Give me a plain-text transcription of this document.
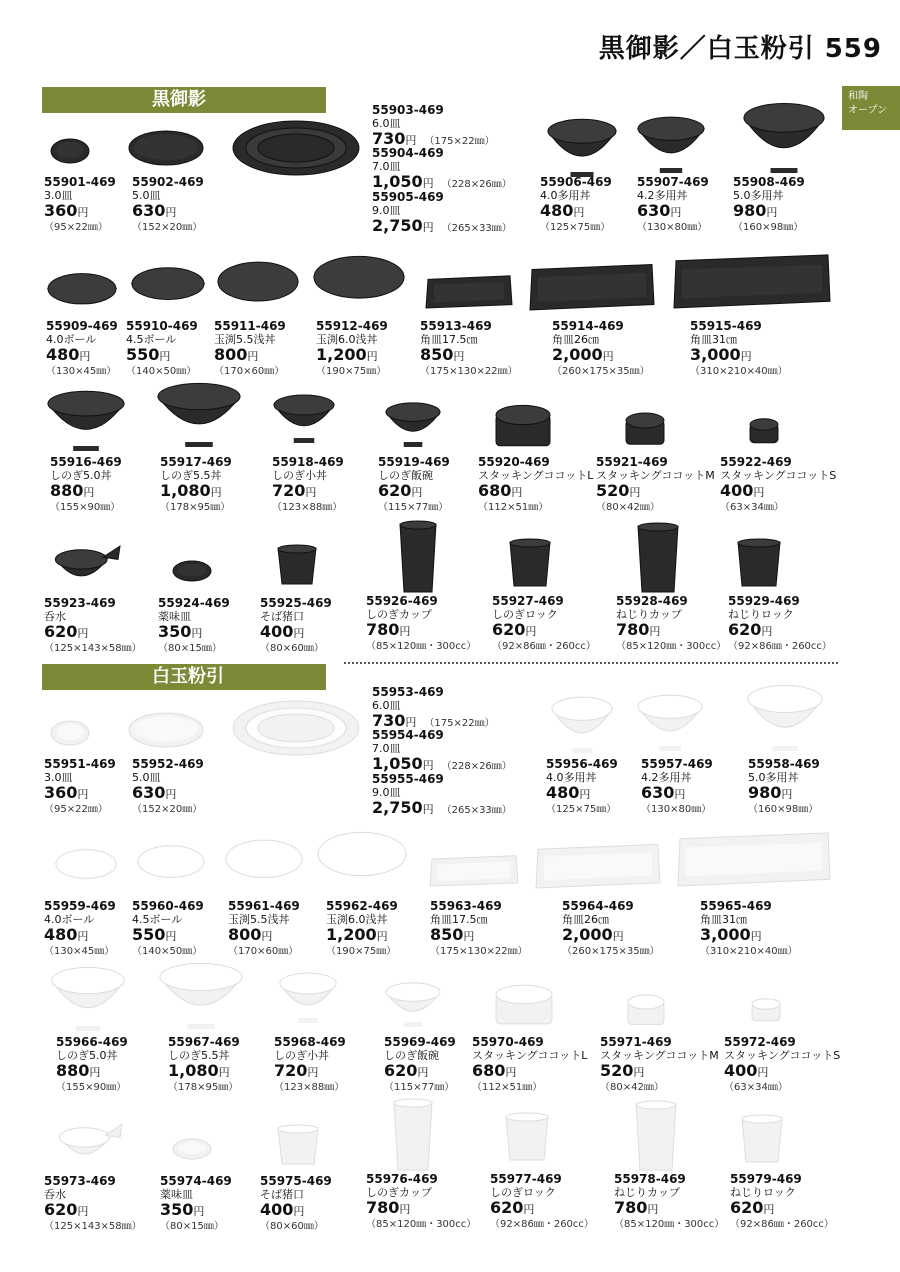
黒御影／白玉粉引 559
和陶
オープン
黒御影
白玉粉引
55901-469
3.0皿
360円
（95×22㎜）
55902-469
5.0皿
630円
（152×20㎜）
55903-469
6.0皿
730円 （175×22㎜）
55904-469
7.0皿
1,050円 （228×26㎜）
55905-469
9.0皿
2,750円 （265×33㎜）
55906-469
4.0多用丼
480円
（125×75㎜）
55907-469
4.2多用丼
630円
（130×80㎜）
55908-469
5.0多用丼
980円
（160×98㎜）
55909-469
4.0ボール
480円
（130×45㎜）
55910-469
4.5ボール
550円
（140×50㎜）
55911-469
玉渕5.5浅丼
800円
（170×60㎜）
55912-469
玉渕6.0浅丼
1,200円
（190×75㎜）
55913-469
角皿17.5㎝
850円
（175×130×22㎜）
55914-469
角皿26㎝
2,000円
（260×175×35㎜）
55915-469
角皿31㎝
3,000円
（310×210×40㎜）
55916-469
しのぎ5.0丼
880円
（155×90㎜）
55917-469
しのぎ5.5丼
1,080円
（178×95㎜）
55918-469
しのぎ小丼
720円
（123×88㎜）
55919-469
しのぎ飯碗
620円
（115×77㎜）
55920-469
スタッキングココットL
680円
（112×51㎜）
55921-469
スタッキングココットM
520円
（80×42㎜）
55922-469
スタッキングココットS
400円
（63×34㎜）
55923-469
呑水
620円
（125×143×58㎜）
55924-469
薬味皿
350円
（80×15㎜）
55925-469
そば猪口
400円
（80×60㎜）
55926-469
しのぎカップ
780円
（85×120㎜・300cc）
55927-469
しのぎロック
620円
（92×86㎜・260cc）
55928-469
ねじりカップ
780円
（85×120㎜・300cc）
55929-469
ねじりロック
620円
（92×86㎜・260cc）
55951-469
3.0皿
360円
（95×22㎜）
55952-469
5.0皿
630円
（152×20㎜）
55953-469
6.0皿
730円 （175×22㎜）
55954-469
7.0皿
1,050円 （228×26㎜）
55955-469
9.0皿
2,750円 （265×33㎜）
55956-469
4.0多用丼
480円
（125×75㎜）
55957-469
4.2多用丼
630円
（130×80㎜）
55958-469
5.0多用丼
980円
（160×98㎜）
55959-469
4.0ボール
480円
（130×45㎜）
55960-469
4.5ボール
550円
（140×50㎜）
55961-469
玉渕5.5浅丼
800円
（170×60㎜）
55962-469
玉渕6.0浅丼
1,200円
（190×75㎜）
55963-469
角皿17.5㎝
850円
（175×130×22㎜）
55964-469
角皿26㎝
2,000円
（260×175×35㎜）
55965-469
角皿31㎝
3,000円
（310×210×40㎜）
55966-469
しのぎ5.0丼
880円
（155×90㎜）
55967-469
しのぎ5.5丼
1,080円
（178×95㎜）
55968-469
しのぎ小丼
720円
（123×88㎜）
55969-469
しのぎ飯碗
620円
（115×77㎜）
55970-469
スタッキングココットL
680円
（112×51㎜）
55971-469
スタッキングココットM
520円
（80×42㎜）
55972-469
スタッキングココットS
400円
（63×34㎜）
55973-469
呑水
620円
（125×143×58㎜）
55974-469
薬味皿
350円
（80×15㎜）
55975-469
そば猪口
400円
（80×60㎜）
55976-469
しのぎカップ
780円
（85×120㎜・300cc）
55977-469
しのぎロック
620円
（92×86㎜・260cc）
55978-469
ねじりカップ
780円
（85×120㎜・300cc）
55979-469
ねじりロック
620円
（92×86㎜・260cc）
